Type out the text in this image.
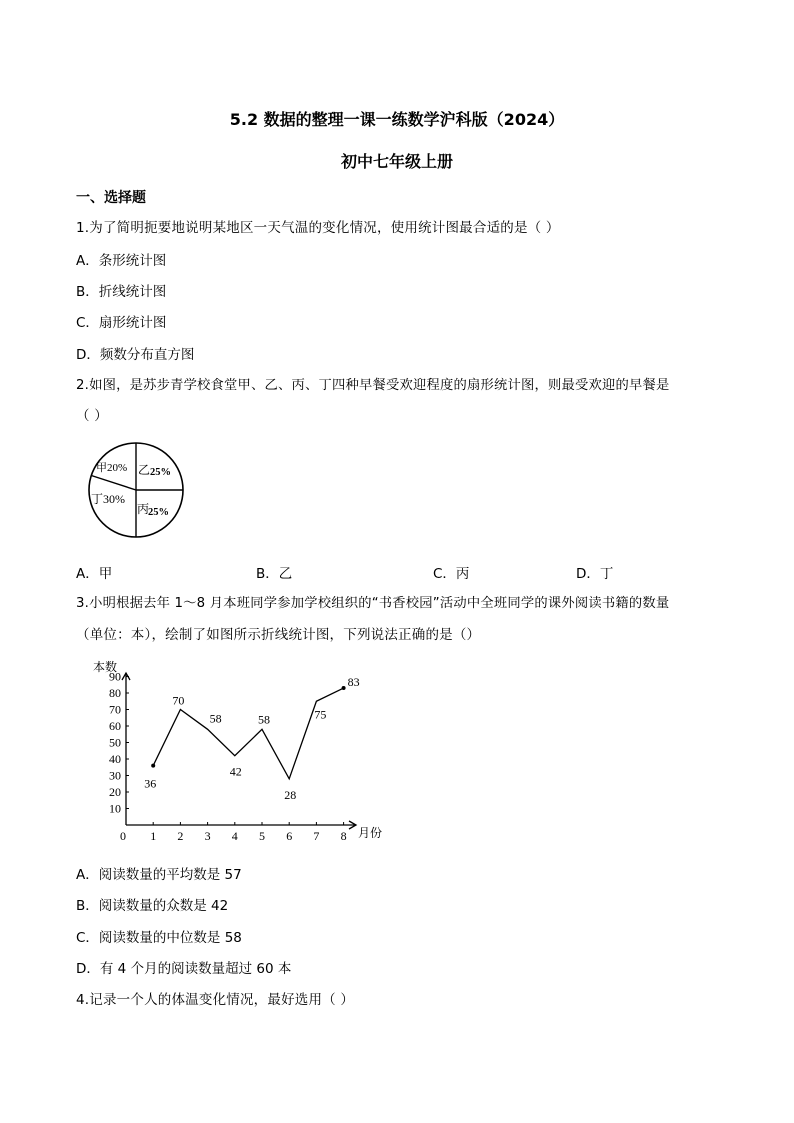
5.2 数据的整理一课一练数学沪科版（2024）
初中七年级上册
一、选择题
1.为了简明扼要地说明某地区一天气温的变化情况，使用统计图最合适的是（ ）
A．条形统计图
B．折线统计图
C．扇形统计图
D．频数分布直方图
2.如图，是苏步青学校食堂甲、乙、丙、丁四种早餐受欢迎程度的扇形统计图，则最受欢迎的早餐是
（ ）
甲20% 乙 25%
丁30%
丙
25%
A．甲	B．乙	C．丙	D．丁
3.小明根据去年 1～8 月本班同学参加学校组织的“书香校园”活动中全班同学的课外阅读书籍的数量
（单位：本），绘制了如图所示折线统计图，下列说法正确的是（）
10
20
30
40
50
60
70
80
90
0 1 2 3 4 5 6 7 8
本数
月份
36
70
58
42
58
28
75
83
A．阅读数量的平均数是 57
B．阅读数量的众数是 42
C．阅读数量的中位数是 58
D．有 4 个月的阅读数量超过 60 本
4.记录一个人的体温变化情况，最好选用（ ）
